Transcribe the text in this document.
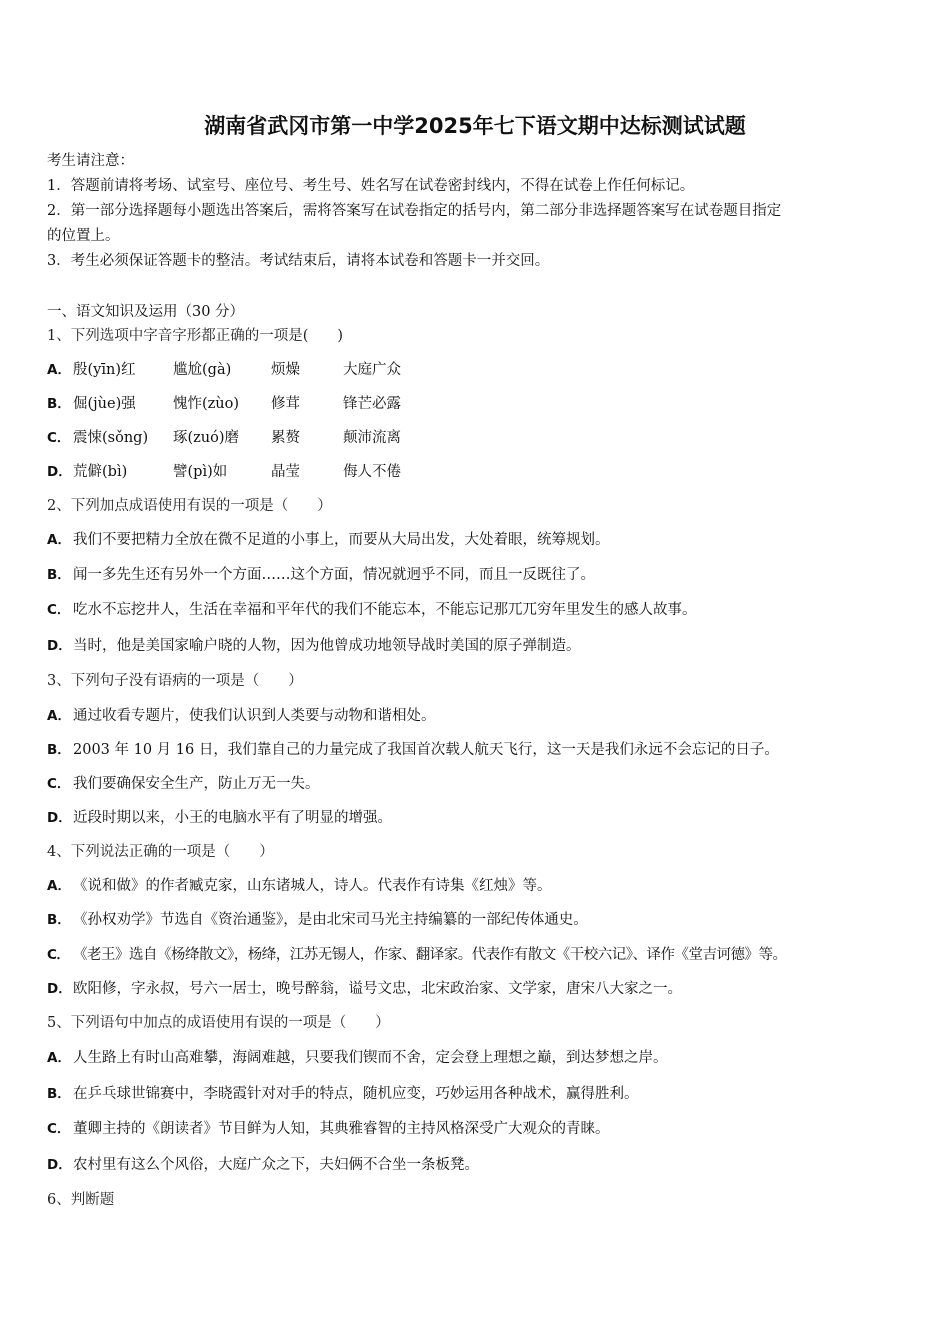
湖南省武冈市第一中学2025年七下语文期中达标测试试题
考生请注意：
1．答题前请将考场、试室号、座位号、考生号、姓名写在试卷密封线内，不得在试卷上作任何标记。
2．第一部分选择题每小题选出答案后，需将答案写在试卷指定的括号内，第二部分非选择题答案写在试卷题目指定
的位置上。
3．考生必须保证答题卡的整洁。考试结束后，请将本试卷和答题卡一并交回。
一、语文知识及运用（30 分）
1、下列选项中字音字形都正确的一项是(　　)
A． 殷(yīn)红	尴尬(gà)	烦燥	大庭广众
B． 倔(jùe)强	愧怍(zùo) 修茸	锋芒必露
C． 震悚(sǒng) 琢(zuó)磨 累赘	颠沛流离
D．荒僻(bì)	譬(pì)如	晶莹	侮人不倦
2、下列加点成语使用有误的一项是（　　）
A． 我们不要把精力全放在微不足道的小事上，而要从大局出发，大处着眼，统筹规划。
B． 闻一多先生还有另外一个方面……这个方面，情况就迥乎不同，而且一反既往了。
C． 吃水不忘挖井人，生活在幸福和平年代的我们不能忘本，不能忘记那兀兀穷年里发生的感人故事。
D．当时，他是美国家喻户晓的人物，因为他曾成功地领导战时美国的原子弹制造。
3、下列句子没有语病的一项是（　　）
A． 通过收看专题片，使我们认识到人类要与动物和谐相处。
B． 2003 年 10 月 16 日，我们靠自己的力量完成了我国首次载人航天飞行，这一天是我们永远不会忘记的日子。
C． 我们要确保安全生产，防止万无一失。
D．近段时期以来，小王的电脑水平有了明显的增强。
4、下列说法正确的一项是（　　）
A． 《说和做》的作者臧克家，山东诸城人，诗人。代表作有诗集《红烛》等。
B． 《孙权劝学》节选自《资治通鉴》，是由北宋司马光主持编纂的一部纪传体通史。
C． 《老王》选自《杨绛散文》，杨绛，江苏无锡人，作家、翻译家。代表作有散文《干校六记》、译作《堂吉诃德》等。
D．欧阳修，字永叔，号六一居士，晚号醉翁，谥号文忠，北宋政治家、文学家，唐宋八大家之一。
5、下列语句中加点的成语使用有误的一项是（　　）
A． 人生路上有时山高难攀，海阔难越，只要我们锲而不舍，定会登上理想之巅，到达梦想之岸。
B． 在乒乓球世锦赛中，李晓霞针对对手的特点，随机应变，巧妙运用各种战术，赢得胜利。
C． 董卿主持的《朗读者》节目鲜为人知，其典雅睿智的主持风格深受广大观众的青睐。
D．农村里有这么个风俗，大庭广众之下，夫妇俩不合坐一条板凳。
6、判断题
